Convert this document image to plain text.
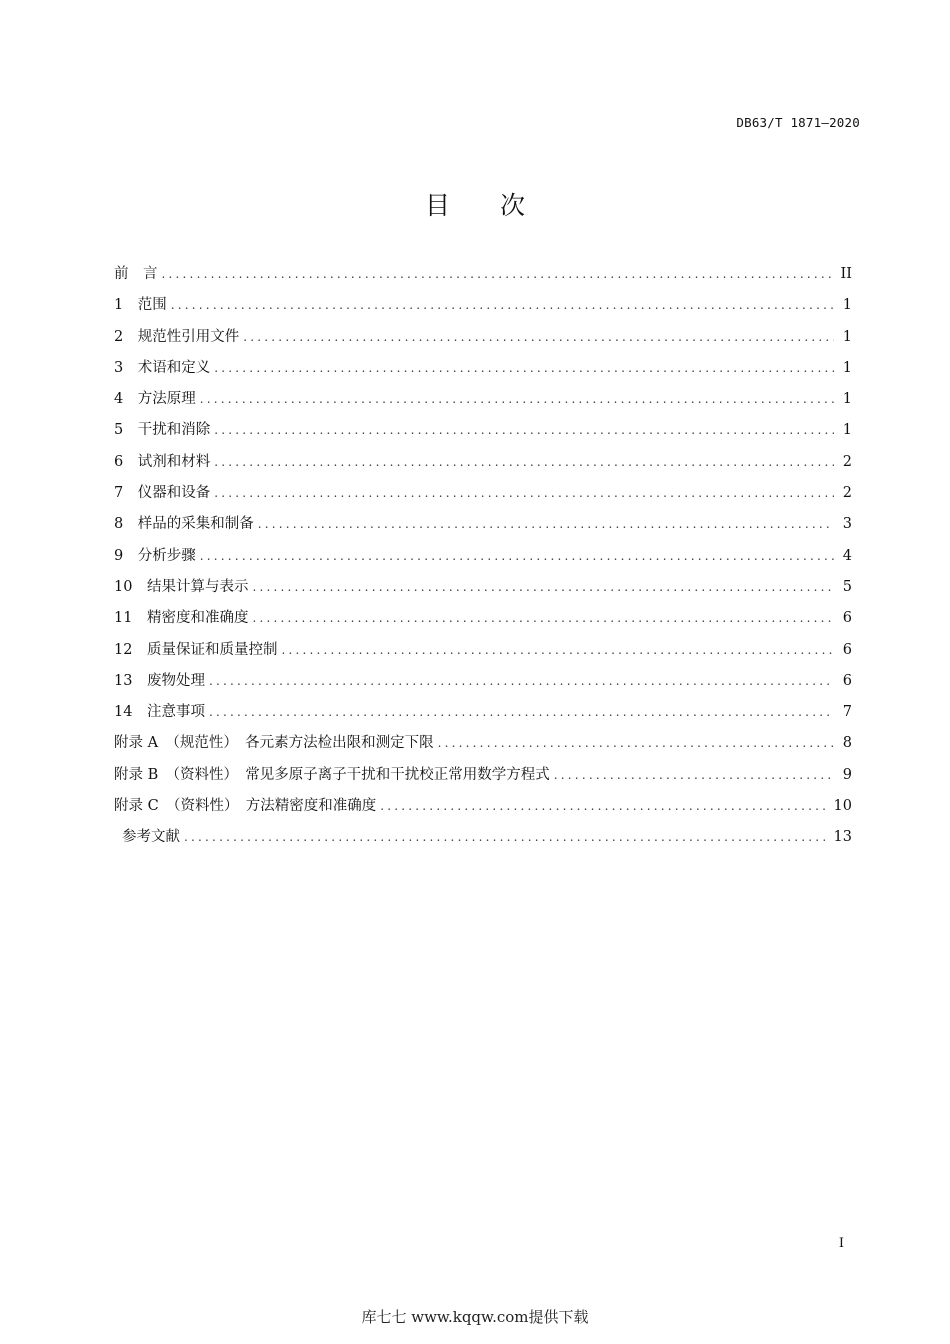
DB63/T 1871—2020
目 次
前　言 .....	II
1　范围 .....	1
2　规范性引用文件 .....	1
3　术语和定义 .....	1
4　方法原理 .....	1
5　干扰和消除 .....	1
6　试剂和材料 .....	2
7　仪器和设备 .....	2
8　样品的采集和制备 .....	3
9　分析步骤 .....	4
10　结果计算与表示 .....	5
11　精密度和准确度 .....	6
12　质量保证和质量控制 .....	6
13　废物处理 .....	6
14　注意事项 .....	7
附录 A　（规范性）　各元素方法检出限和测定下限 .....	8
附录 B　（资料性）　常见多原子离子干扰和干扰校正常用数学方程式 .....	9
附录 C　（资料性）　方法精密度和准确度 .....	10
参考文献 .....	13
I
库七七 www.kqqw.com提供下载
